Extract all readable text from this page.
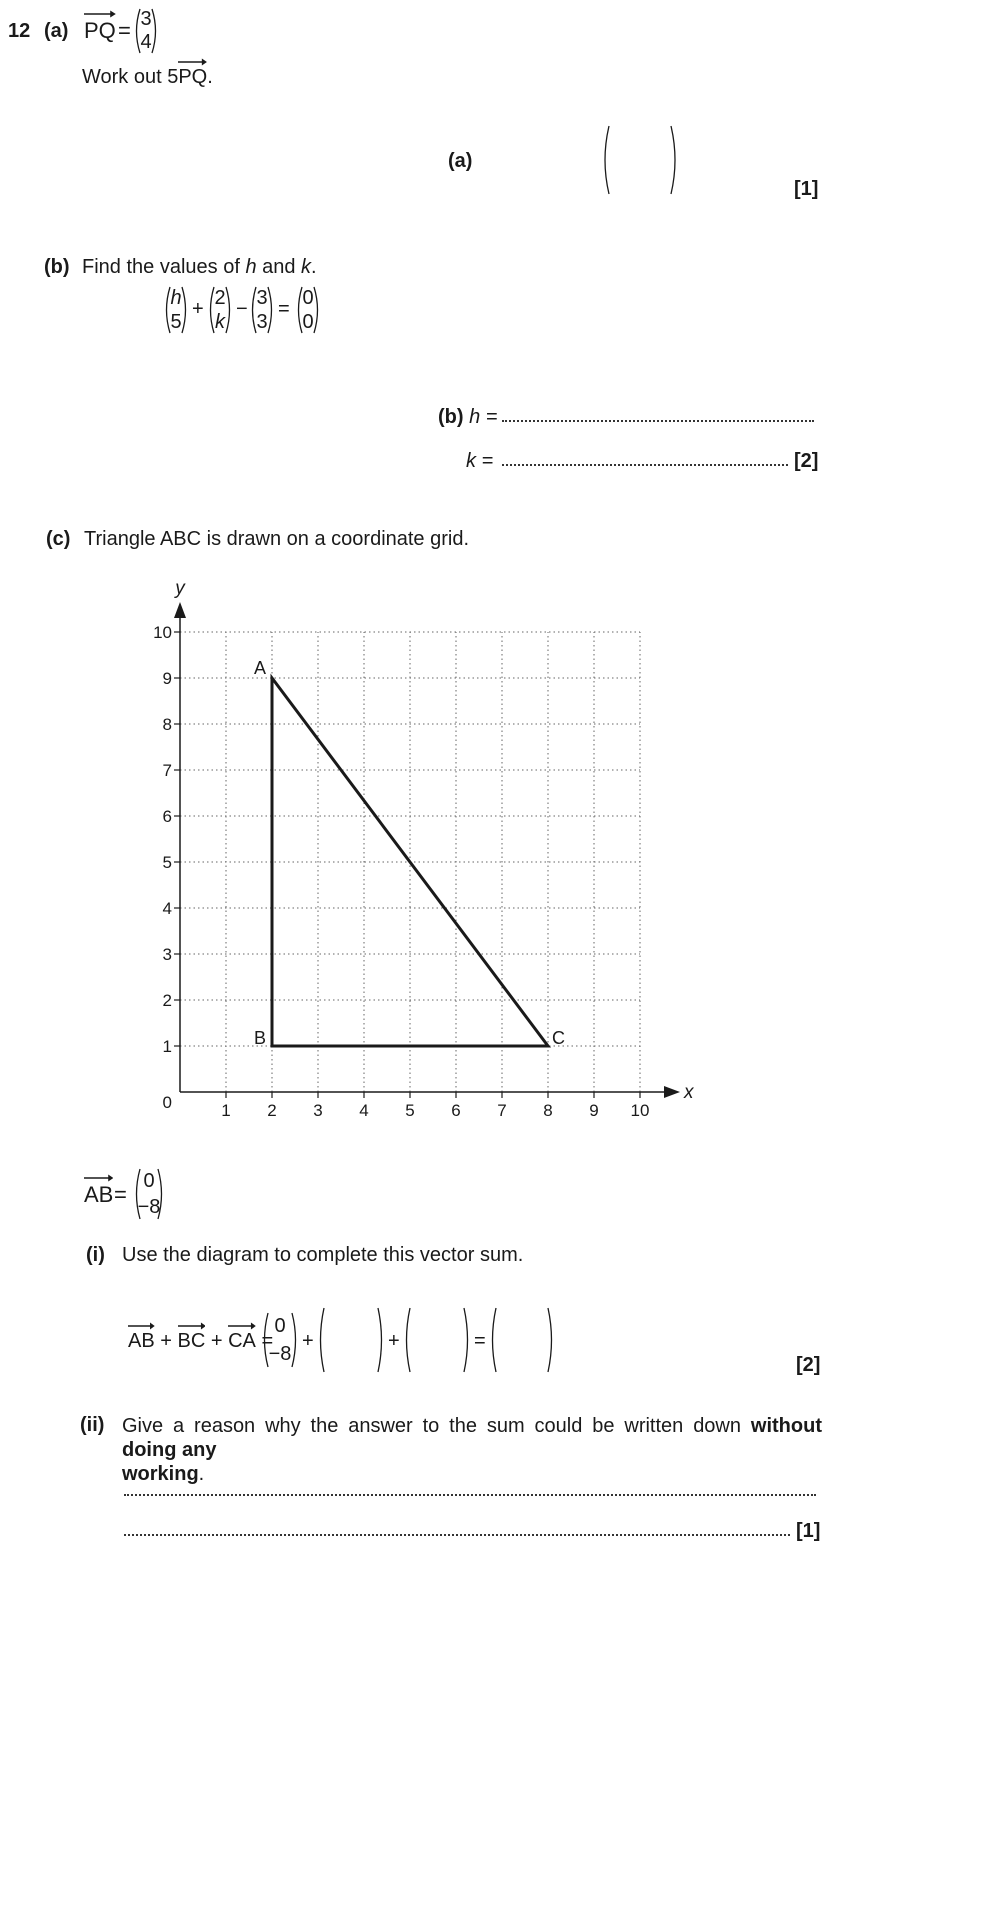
12 (a) PQ = 3
4
Work out 5
PQ.
(a)
[1]
(b) Find the values of h and k.
h
5
+
2
k
−
3
3
=
0
0
(b) h =
k =	[2]
(c) Triangle ABC is drawn on a coordinate grid.
1 2 3 4 5 6 7 8 9 10
1
2
3
4
5
6
7
8
9
10
0	x
y
A
B	C
AB =
0
−8
(i) Use the diagram to complete this vector sum.
AB + BC + CA =
0
−8
+	+	=
[2]
(ii) Give a reason why the answer to the sum could be written down without doing any
working.
[1]
